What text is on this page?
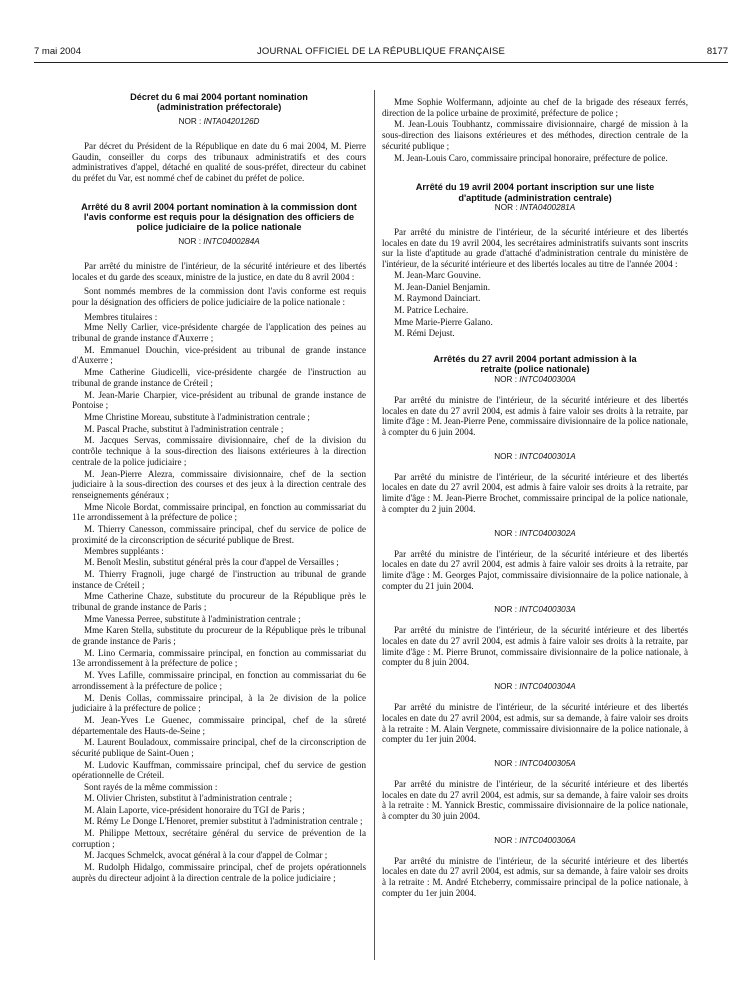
7 mai 2004	JOURNAL OFFICIEL DE LA RÉPUBLIQUE FRANÇAISE	8177

Décret du 6 mai 2004 portant nomination (administration préfectorale)

NOR : INTA0420126D

Par décret du Président de la République en date du 6 mai 2004, M. Pierre Gaudin, conseiller du corps des tribunaux administratifs et des cours administratives d'appel, détaché en qualité de sous-préfet, directeur du cabinet du préfet du Var, est nommé chef de cabinet du préfet de police.

Arrêté du 8 avril 2004 portant nomination à la commission dont l'avis conforme est requis pour la désignation des officiers de police judiciaire de la police nationale

NOR : INTC0400284A

Par arrêté du ministre de l'intérieur, de la sécurité intérieure et des libertés locales et du garde des sceaux, ministre de la justice, en date du 8 avril 2004 :

Sont nommés membres de la commission dont l'avis conforme est requis pour la désignation des officiers de police judiciaire de la police nationale :

Membres titulaires :

Mme Nelly Carlier, vice-présidente chargée de l'application des peines au tribunal de grande instance d'Auxerre ;

M. Emmanuel Douchin, vice-président au tribunal de grande instance d'Auxerre ;

Mme Catherine Giudicelli, vice-présidente chargée de l'instruction au tribunal de grande instance de Créteil ;

M. Jean-Marie Charpier, vice-président au tribunal de grande instance de Pontoise ;

Mme Christine Moreau, substitute à l'administration centrale ;

M. Pascal Prache, substitut à l'administration centrale ;

M. Jacques Servas, commissaire divisionnaire, chef de la division du contrôle technique à la sous-direction des liaisons extérieures à la direction centrale de la police judiciaire ;

M. Jean-Pierre Alezra, commissaire divisionnaire, chef de la section judiciaire à la sous-direction des courses et des jeux à la direction centrale des renseignements généraux ;

Mme Nicole Bordat, commissaire principal, en fonction au commissariat du 11e arrondissement à la préfecture de police ;

M. Thierry Canesson, commissaire principal, chef du service de police de proximité de la circonscription de sécurité publique de Brest.

Membres suppléants :

M. Benoît Meslin, substitut général près la cour d'appel de Versailles ;

M. Thierry Fragnoli, juge chargé de l'instruction au tribunal de grande instance de Créteil ;

Mme Catherine Chaze, substitute du procureur de la République près le tribunal de grande instance de Paris ;

Mme Vanessa Perree, substitute à l'administration centrale ;

Mme Karen Stella, substitute du procureur de la République près le tribunal de grande instance de Paris ;

M. Lino Cermaria, commissaire principal, en fonction au commissariat du 13e arrondissement à la préfecture de police ;

M. Yves Lafille, commissaire principal, en fonction au commissariat du 6e arrondissement à la préfecture de police ;

M. Denis Collas, commissaire principal, à la 2e division de la police judiciaire à la préfecture de police ;

M. Jean-Yves Le Guenec, commissaire principal, chef de la sûreté départementale des Hauts-de-Seine ;

M. Laurent Bouladoux, commissaire principal, chef de la circonscription de sécurité publique de Saint-Ouen ;

M. Ludovic Kauffman, commissaire principal, chef du service de gestion opérationnelle de Créteil.

Sont rayés de la même commission :

M. Olivier Christen, substitut à l'administration centrale ;

M. Alain Laporte, vice-président honoraire du TGI de Paris ;

M. Rémy Le Donge L'Henoret, premier substitut à l'administration centrale ;

M. Philippe Mettoux, secrétaire général du service de prévention de la corruption ;

M. Jacques Schmelck, avocat général à la cour d'appel de Colmar ;

M. Rudolph Hidalgo, commissaire principal, chef de projets opérationnels auprès du directeur adjoint à la direction centrale de la police judiciaire ;

Mme Sophie Wolfermann, adjointe au chef de la brigade des réseaux ferrés, direction de la police urbaine de proximité, préfecture de police ;

M. Jean-Louis Toubhantz, commissaire divisionnaire, chargé de mission à la sous-direction des liaisons extérieures et des méthodes, direction centrale de la sécurité publique ;

M. Jean-Louis Caro, commissaire principal honoraire, préfecture de police.

Arrêté du 19 avril 2004 portant inscription sur une liste d'aptitude (administration centrale)

NOR : INTA0400281A

Par arrêté du ministre de l'intérieur, de la sécurité intérieure et des libertés locales en date du 19 avril 2004, les secrétaires administratifs suivants sont inscrits sur la liste d'aptitude au grade d'attaché d'administration centrale du ministère de l'intérieur, de la sécurité intérieure et des libertés locales au titre de l'année 2004 :

M. Jean-Marc Gouvine.

M. Jean-Daniel Benjamin.

M. Raymond Dainciart.

M. Patrice Lechaire.

Mme Marie-Pierre Galano.

M. Rémi Dejust.

Arrêtés du 27 avril 2004 portant admission à la retraite (police nationale)

NOR : INTC0400300A

Par arrêté du ministre de l'intérieur, de la sécurité intérieure et des libertés locales en date du 27 avril 2004, est admis à faire valoir ses droits à la retraite, par limite d'âge : M. Jean-Pierre Pene, commissaire divisionnaire de la police nationale, à compter du 6 juin 2004.

NOR : INTC0400301A

Par arrêté du ministre de l'intérieur, de la sécurité intérieure et des libertés locales en date du 27 avril 2004, est admis à faire valoir ses droits à la retraite, par limite d'âge : M. Jean-Pierre Brochet, commissaire principal de la police nationale, à compter du 2 juin 2004.

NOR : INTC0400302A

Par arrêté du ministre de l'intérieur, de la sécurité intérieure et des libertés locales en date du 27 avril 2004, est admis à faire valoir ses droits à la retraite, par limite d'âge : M. Georges Pajot, commissaire divisionnaire de la police nationale, à compter du 21 juin 2004.

NOR : INTC0400303A

Par arrêté du ministre de l'intérieur, de la sécurité intérieure et des libertés locales en date du 27 avril 2004, est admis à faire valoir ses droits à la retraite, par limite d'âge : M. Pierre Brunot, commissaire divisionnaire de la police nationale, à compter du 8 juin 2004.

NOR : INTC0400304A

Par arrêté du ministre de l'intérieur, de la sécurité intérieure et des libertés locales en date du 27 avril 2004, est admis, sur sa demande, à faire valoir ses droits à la retraite : M. Alain Vergnete, commissaire divisionnaire de la police nationale, à compter du 1er juin 2004.

NOR : INTC0400305A

Par arrêté du ministre de l'intérieur, de la sécurité intérieure et des libertés locales en date du 27 avril 2004, est admis, sur sa demande, à faire valoir ses droits à la retraite : M. Yannick Brestic, commissaire divisionnaire de la police nationale, à compter du 30 juin 2004.

NOR : INTC0400306A

Par arrêté du ministre de l'intérieur, de la sécurité intérieure et des libertés locales en date du 27 avril 2004, est admis, sur sa demande, à faire valoir ses droits à la retraite : M. André Etcheberry, commissaire principal de la police nationale, à compter du 1er juin 2004.
